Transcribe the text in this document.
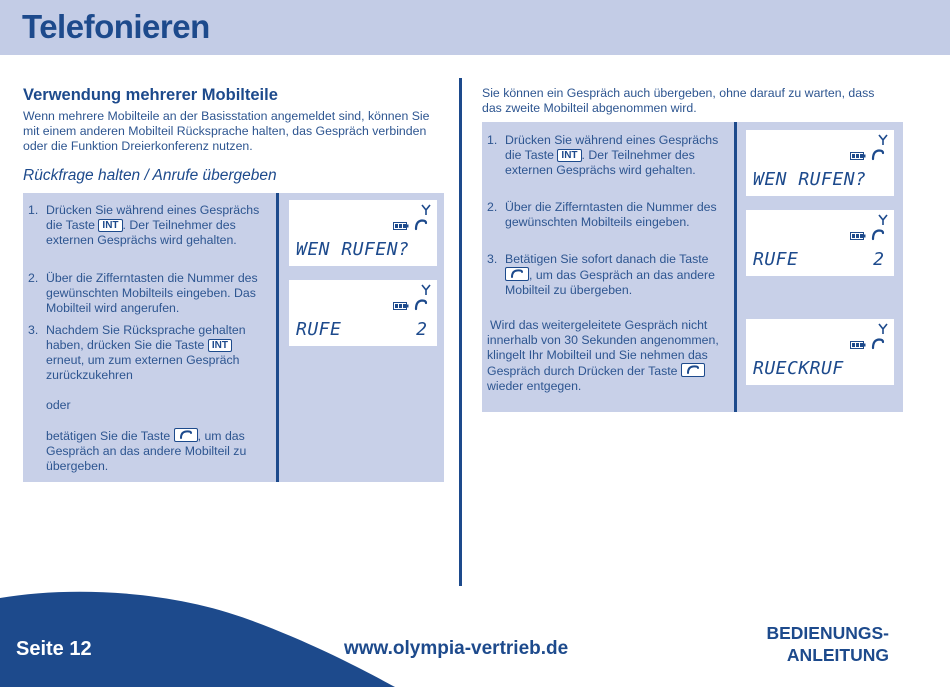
Telefonieren
Verwendung mehrerer Mobilteile
Wenn mehrere Mobilteile an der Basisstation angemeldet sind, können Sie
mit einem anderen Mobilteil Rücksprache halten, das Gespräch verbinden
oder die Funktion Dreierkonferenz nutzen.
Rückfrage halten / Anrufe übergeben
1. Drücken Sie während eines Gesprächs
die Taste INT . Der Teilnehmer des
externen Gesprächs wird gehalten.
2. Über die Zifferntasten die Nummer des
gewünschten Mobilteils eingeben. Das
Mobilteil wird angerufen.
3. Nachdem Sie Rücksprache gehalten
haben, drücken Sie die Taste INT
erneut, um zum externen Gespräch
zurückzukehren
oder
betätigen Sie die Taste , um das
Gespräch an das andere Mobilteil zu
übergeben.
WEN RUFEN?
RUFE	2
Sie können ein Gespräch auch übergeben, ohne darauf zu warten, dass
das zweite Mobilteil abgenommen wird.
1. Drücken Sie während eines Gesprächs
die Taste INT . Der Teilnehmer des
externen Gesprächs wird gehalten.
2. Über die Zifferntasten die Nummer des
gewünschten Mobilteils eingeben.
3. Betätigen Sie sofort danach die Taste
, um das Gespräch an das andere
Mobilteil zu übergeben.
Wird das weitergeleitete Gespräch nicht
innerhalb von 30 Sekunden angenommen,
klingelt Ihr Mobilteil und Sie nehmen das
Gespräch durch Drücken der Taste
wieder entgegen.
WEN RUFEN?
RUFE	2
RUECKRUF
Seite 12	www.olympia-vertrieb.de
BEDIENUNGS-
ANLEITUNG
